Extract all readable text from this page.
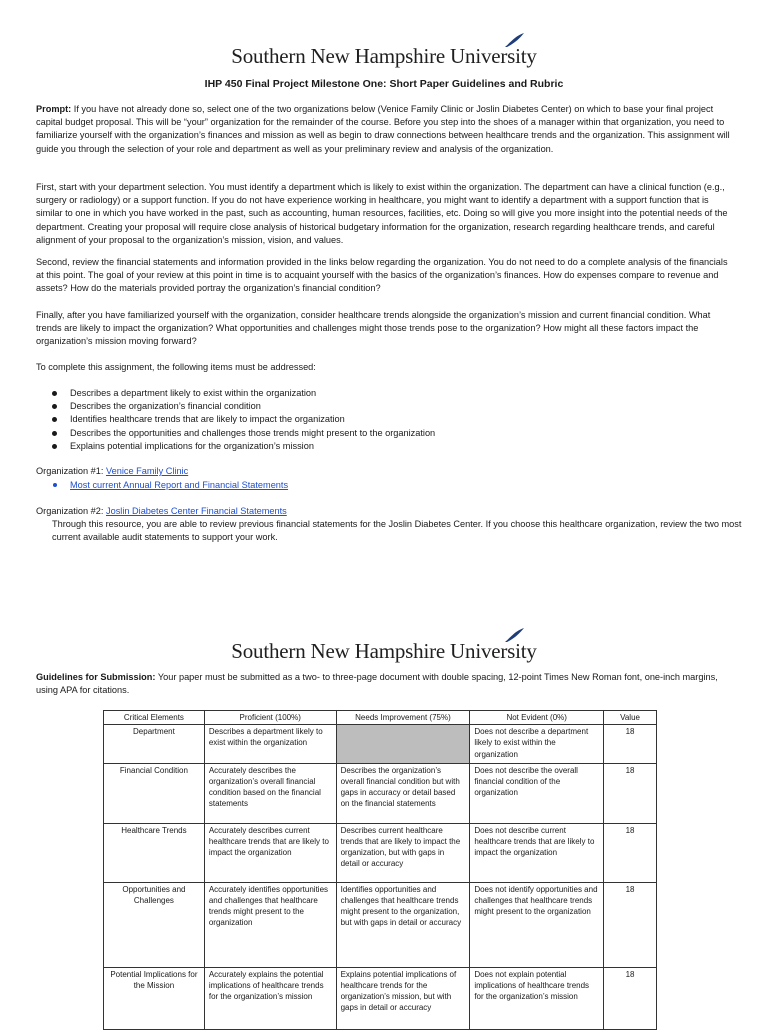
Southern New Hampshire University
IHP 450 Final Project Milestone One: Short Paper Guidelines and Rubric

Prompt: If you have not already done so, select one of the two organizations below (Venice Family Clinic or Joslin Diabetes Center) on which to base your final project capital budget proposal. This will be “your” organization for the remainder of the course. Before you step into the shoes of a manager within that organization, you need to familiarize yourself with the organization’s finances and mission as well as begin to draw connections between healthcare trends and the organization. This assignment will guide you through the selection of your role and department as well as your preliminary review and analysis of the organization.

First, start with your department selection. You must identify a department which is likely to exist within the organization. The department can have a clinical function (e.g., surgery or radiology) or a support function. If you do not have experience working in healthcare, you might want to identify a department with a support function that is similar to one in which you have worked in the past, such as accounting, human resources, facilities, etc. Doing so will give you more insight into the potential needs of the department. Creating your proposal will require close analysis of historical budgetary information for the organization, research regarding healthcare trends, and careful alignment of your proposal to the organization’s mission, vision, and values.

Second, review the financial statements and information provided in the links below regarding the organization. You do not need to do a complete analysis of the financials at this point. The goal of your review at this point in time is to acquaint yourself with the basics of the organization’s finances. How do expenses compare to revenue and assets? How do the materials provided portray the organization’s financial condition?

Finally, after you have familiarized yourself with the organization, consider healthcare trends alongside the organization’s mission and current financial condition. What trends are likely to impact the organization? What opportunities and challenges might those trends pose to the organization? How might all these factors impact the organization’s mission moving forward?

To complete this assignment, the following items must be addressed:

Describes a department likely to exist within the organization
Describes the organization’s financial condition
Identifies healthcare trends that are likely to impact the organization
Describes the opportunities and challenges those trends might present to the organization
Explains potential implications for the organization’s mission

Organization #1: Venice Family Clinic

Most current Annual Report and Financial Statements

Organization #2: Joslin Diabetes Center Financial Statements

Through this resource, you are able to review previous financial statements for the Joslin Diabetes Center. If you choose this healthcare organization, review the two most current available audit statements to support your work.

Southern New Hampshire University

Guidelines for Submission: Your paper must be submitted as a two- to three-page document with double spacing, 12-point Times New Roman font, one-inch margins, using APA for citations.

Critical Elements	Proficient (100%)	Needs Improvement (75%)	Not Evident (0%)	Value
Department	Describes a department likely to exist within the organization		Does not describe a department likely to exist within the organization	18
Financial Condition	Accurately describes the organization’s overall financial condition based on the financial statements	Describes the organization’s overall financial condition but with gaps in accuracy or detail based on the financial statements	Does not describe the overall financial condition of the organization	18
Healthcare Trends	Accurately describes current healthcare trends that are likely to impact the organization	Describes current healthcare trends that are likely to impact the organization, but with gaps in detail or accuracy	Does not describe current healthcare trends that are likely to impact the organization	18
Opportunities and Challenges	Accurately identifies opportunities and challenges that healthcare trends might present to the organization	Identifies opportunities and challenges that healthcare trends might present to the organization, but with gaps in detail or accuracy	Does not identify opportunities and challenges that healthcare trends might present to the organization	18
Potential Implications for the Mission	Accurately explains the potential implications of healthcare trends for the organization’s mission	Explains potential implications of healthcare trends for the organization’s mission, but with gaps in detail or accuracy	Does not explain potential implications of healthcare trends for the organization’s mission	18
